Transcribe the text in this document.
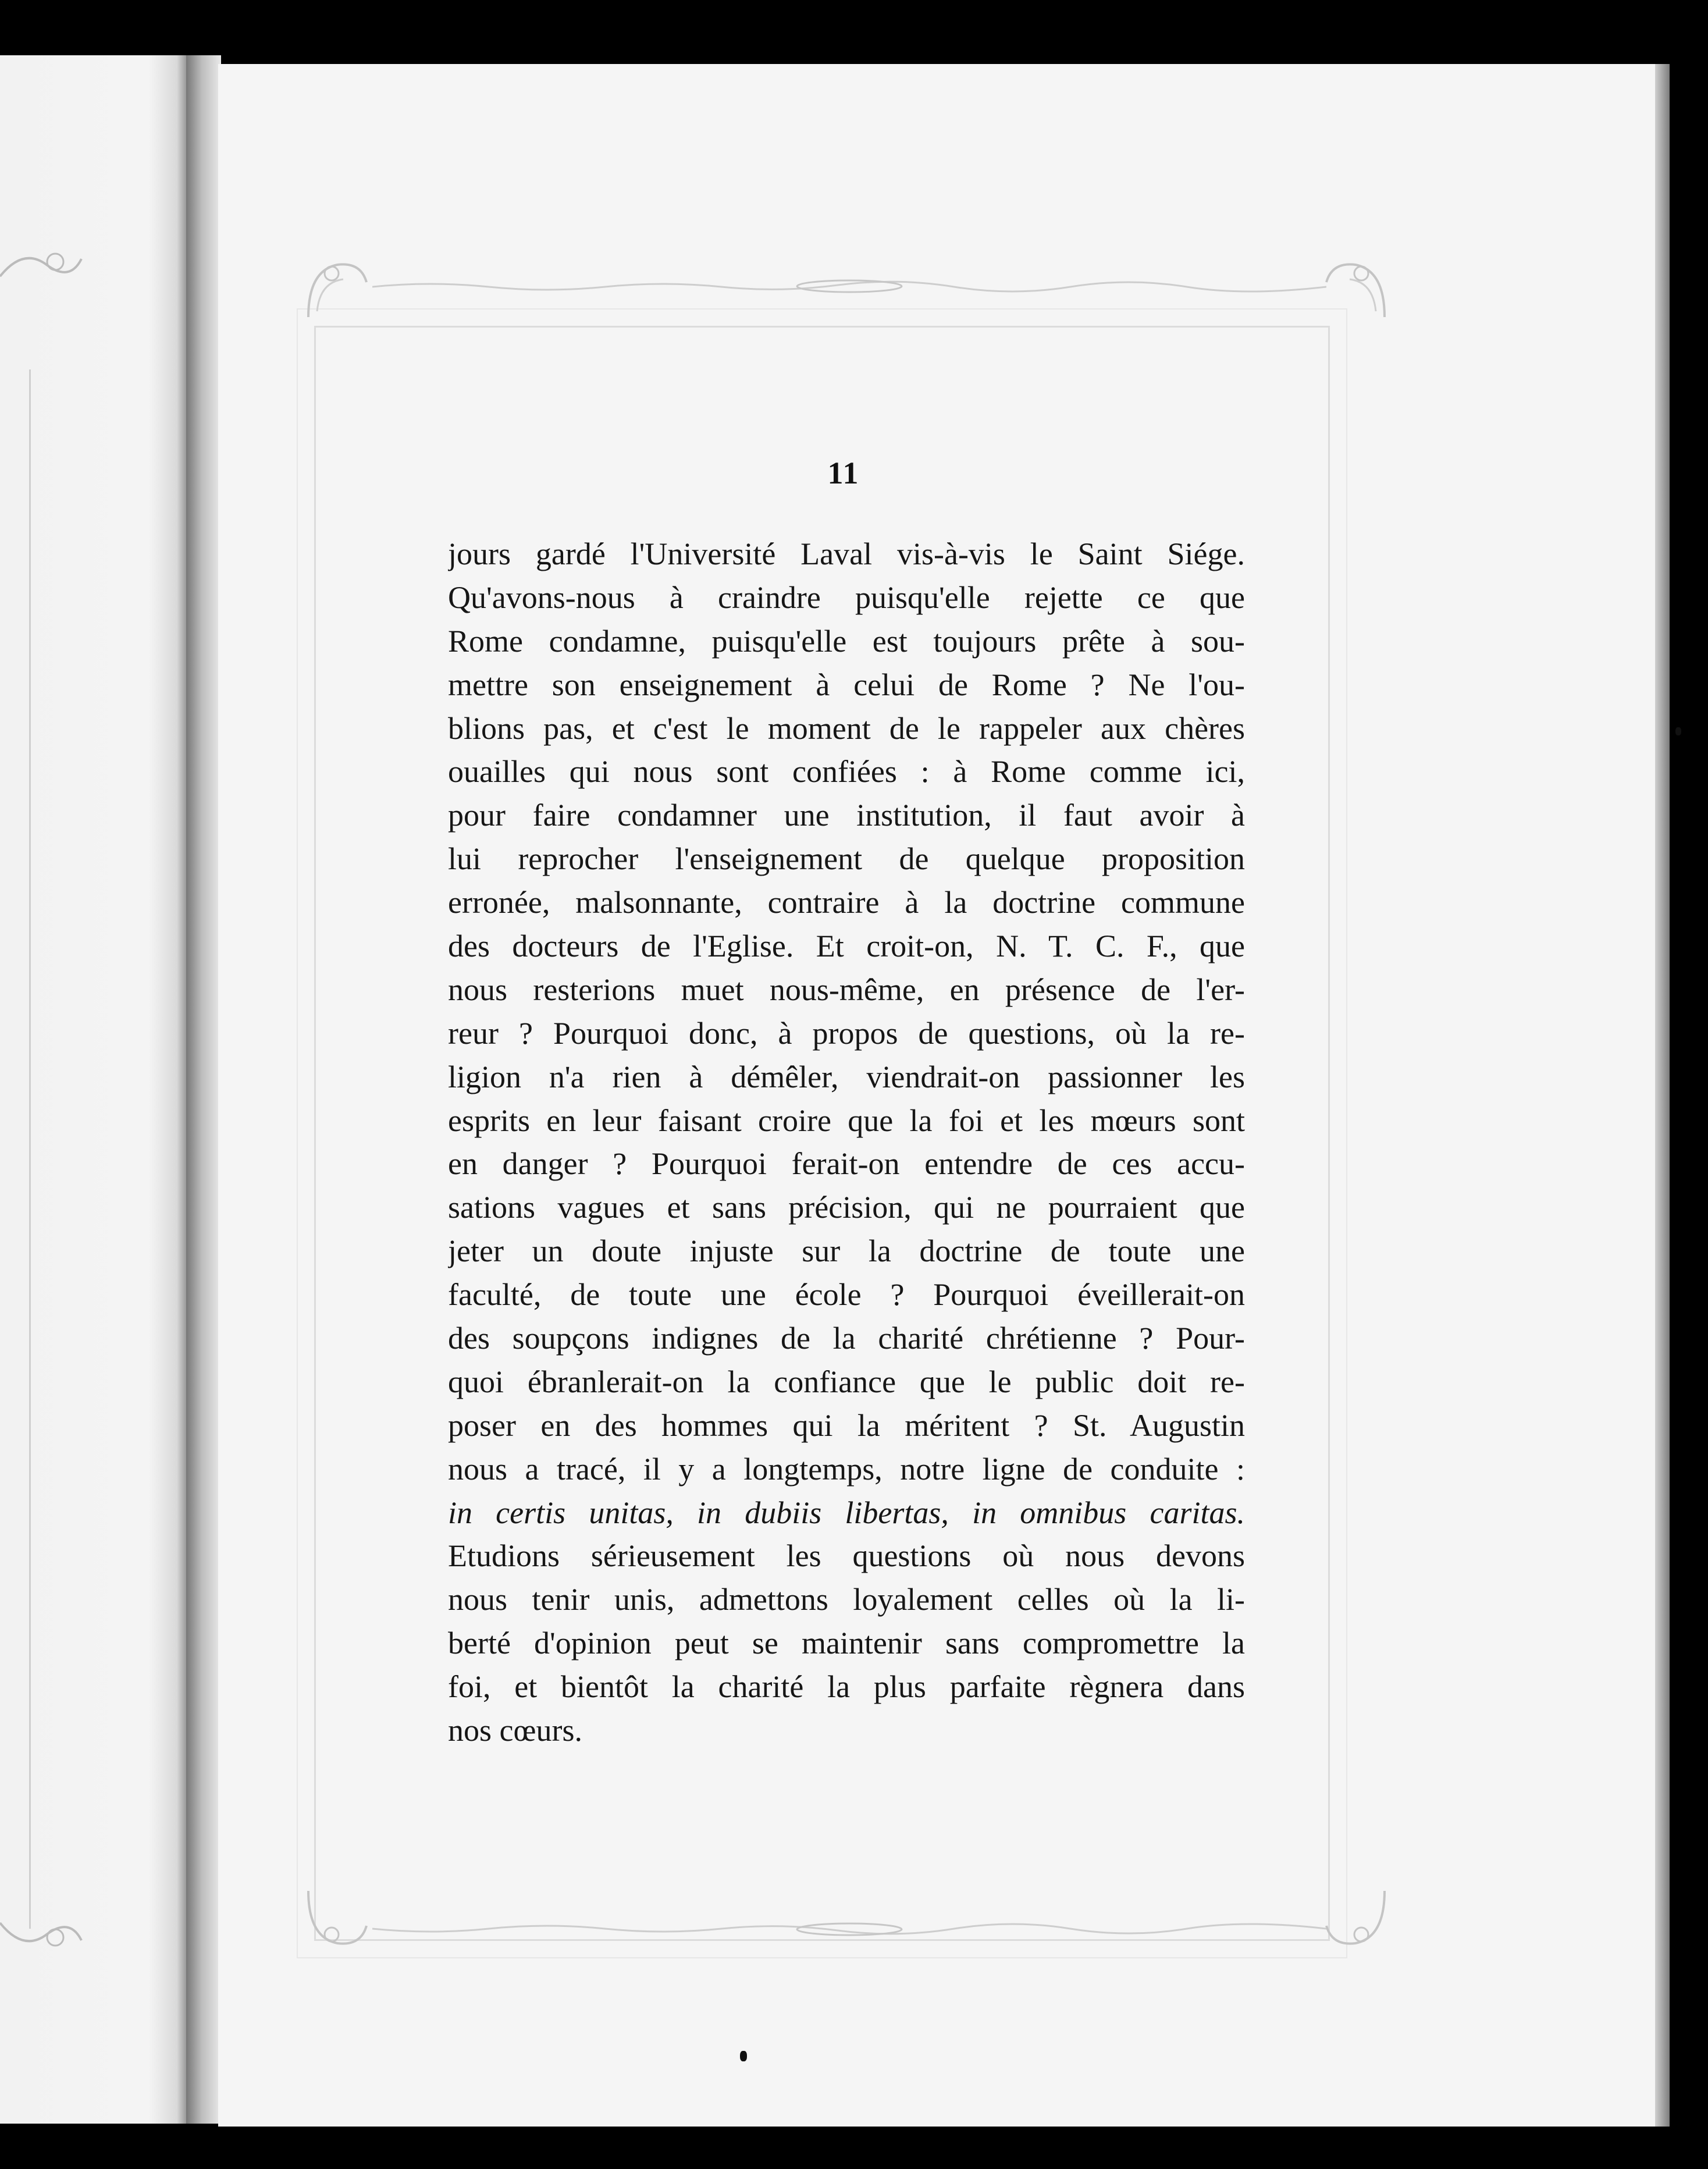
11
jours gardé l'Université Laval vis-à-vis le Saint Siége.
Qu'avons-nous à craindre puisqu'elle rejette ce que
Rome condamne, puisqu'elle est toujours prête à sou-
mettre son enseignement à celui de Rome ? Ne l'ou-
blions pas, et c'est le moment de le rappeler aux chères
ouailles qui nous sont confiées : à Rome comme ici,
pour faire condamner une institution, il faut avoir à
lui reprocher l'enseignement de quelque proposition
erronée, malsonnante, contraire à la doctrine commune
des docteurs de l'Eglise. Et croit-on, N. T. C. F., que
nous resterions muet nous-même, en présence de l'er-
reur ? Pourquoi donc, à propos de questions, où la re-
ligion n'a rien à démêler, viendrait-on passionner les
esprits en leur faisant croire que la foi et les mœurs sont
en danger ? Pourquoi ferait-on entendre de ces accu-
sations vagues et sans précision, qui ne pourraient que
jeter un doute injuste sur la doctrine de toute une
faculté, de toute une école ? Pourquoi éveillerait-on
des soupçons indignes de la charité chrétienne ? Pour-
quoi ébranlerait-on la confiance que le public doit re-
poser en des hommes qui la méritent ? St. Augustin
nous a tracé, il y a longtemps, notre ligne de conduite :
in certis unitas, in dubiis libertas, in omnibus caritas.
Etudions sérieusement les questions où nous devons
nous tenir unis, admettons loyalement celles où la li-
berté d'opinion peut se maintenir sans compromettre la
foi, et bientôt la charité la plus parfaite règnera dans
nos cœurs.
